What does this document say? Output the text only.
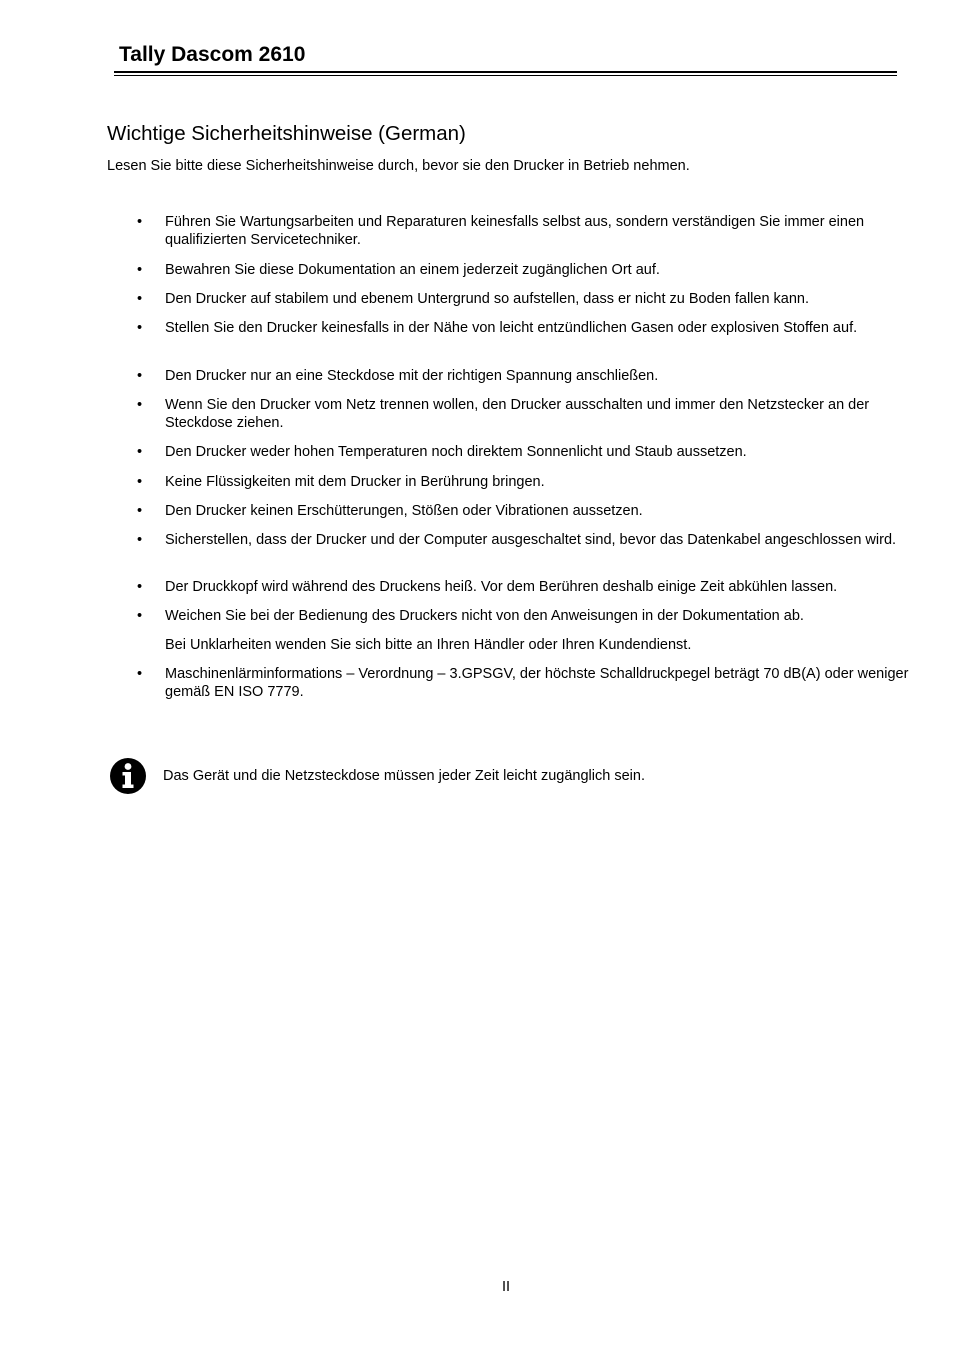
Tally Dascom 2610
Wichtige Sicherheitshinweise (German)
Lesen Sie bitte diese Sicherheitshinweise durch, bevor sie den Drucker in Betrieb nehmen.
• Führen Sie Wartungsarbeiten und Reparaturen keinesfalls selbst aus, sondern verständigen Sie immer einen qualifizierten Servicetechniker.
• Bewahren Sie diese Dokumentation an einem jederzeit zugänglichen Ort auf.
• Den Drucker auf stabilem und ebenem Untergrund so aufstellen, dass er nicht zu Boden fallen kann.
• Stellen Sie den Drucker keinesfalls in der Nähe von leicht entzündlichen Gasen oder explosiven Stoffen auf.
• Den Drucker nur an eine Steckdose mit der richtigen Spannung anschließen.
• Wenn Sie den Drucker vom Netz trennen wollen, den Drucker ausschalten und immer den Netzstecker an der Steckdose ziehen.
• Den Drucker weder hohen Temperaturen noch direktem Sonnenlicht und Staub aussetzen.
• Keine Flüssigkeiten mit dem Drucker in Berührung bringen.
• Den Drucker keinen Erschütterungen, Stößen oder Vibrationen aussetzen.
• Sicherstellen, dass der Drucker und der Computer ausgeschaltet sind, bevor das Datenkabel angeschlossen wird.
• Der Druckkopf wird während des Druckens heiß. Vor dem Berühren deshalb einige Zeit abkühlen lassen.
• Weichen Sie bei der Bedienung des Druckers nicht von den Anweisungen in der Dokumentation ab.
• Maschinenlärminformations – Verordnung – 3.GPSGV, der höchste Schalldruckpegel beträgt 70 dB(A) oder weniger gemäß EN ISO 7779.
Bei Unklarheiten wenden Sie sich bitte an Ihren Händler oder Ihren Kundendienst.
Das Gerät und die Netzsteckdose müssen jeder Zeit leicht zugänglich sein.
II
